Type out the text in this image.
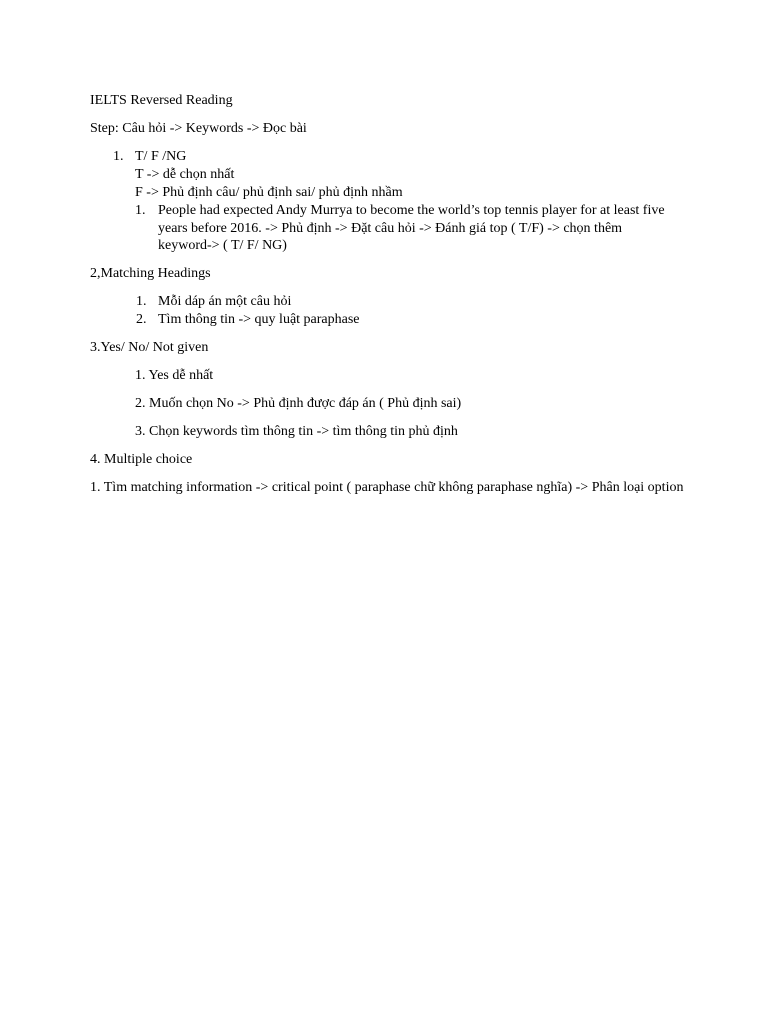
IELTS Reversed Reading
Step: Câu hỏi -> Keywords -> Đọc bài
1. T/ F /NG
T -> dễ chọn nhất
F -> Phủ định câu/ phủ định sai/ phủ định nhầm
1. People had expected Andy Murrya to become the world’s top tennis player for at least five years before 2016. -> Phủ định -> Đặt câu hỏi -> Đánh giá top ( T/F) -> chọn thêm keyword-> ( T/ F/ NG)
2,Matching Headings
1. Mỗi dáp án một câu hỏi
2. Tìm thông tin -> quy luật paraphase
3.Yes/ No/ Not given
1. Yes dễ nhất
2. Muốn chọn No -> Phủ định được đáp án ( Phủ định sai)
3. Chọn keywords tìm thông tin -> tìm thông tin phủ định
4. Multiple choice
1. Tìm matching information -> critical point ( paraphase chữ không paraphase nghĩa) -> Phân loại option
